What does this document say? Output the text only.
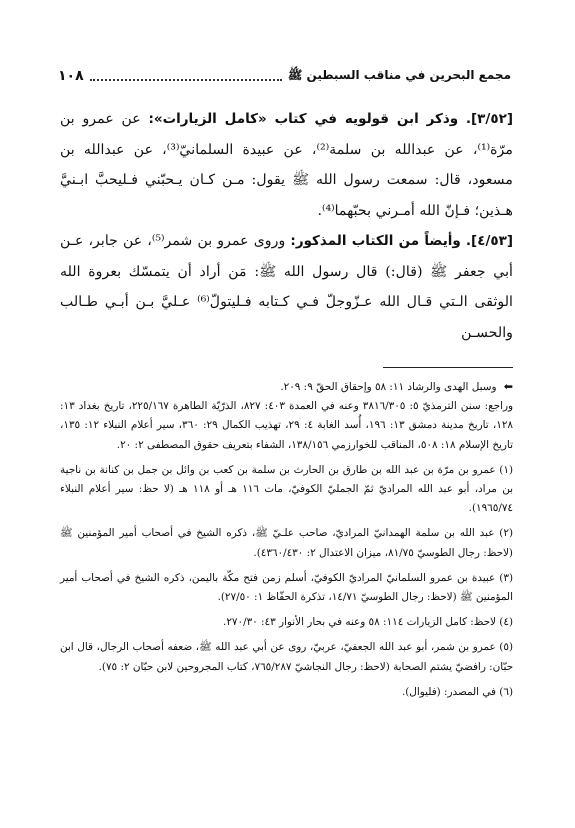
مجمع البحرين في مناقب السبطين ﷺ
١٠٨

[٣/٥٢]. وذكر ابن قولويه في كتاب «كامل الزيارات»: عن عمرو بن مرّة⁽¹⁾، عن عبدالله بن سلمة⁽²⁾، عن عبيدة السلمانيّ⁽³⁾، عن عبدالله بن مسعود، قال: سمعت رسول الله ﷺ يقول: مـن كـان يـحبّني فـليحبَّ ابـنيَّ هـذين؛ فـإنّ الله أمـرني بحبّهما⁽⁴⁾.

[٤/٥٣]. وأيضاً من الكتاب المذكور: وروى عمرو بن شمر⁽⁵⁾، عن جابر، عـن أبي جعفر ﷺ (قال:) قال رسول الله ﷺ: مَن أراد أن يتمسّك بعروة الله الوثقى الـتي قـال الله عـزّوجلّ فـي كـتابه فـليتولّ⁽⁶⁾ عـليَّ بـن أبـي طـالب والحسـن

⬅ وسبل الهدى والرشاد ١١: ٥٨ وإحقاق الحقّ ٩: ٢٠٩.
وراجع: سنن الترمذيّ ٥: ٣٨١٦/٣٠٥ وعنه في العمدة ٤٠٣: ٨٢٧، الذرّيّة الطاهرة ٢٢٥/١٦٧، تاريخ بغداد ١٣: ١٢٨، تاريخ مدينة دمشق ١٣: ١٩٦، أُسد الغابة ٤: ٢٩، تهذيب الكمال ٢٩: ٣٦٠، سير أعلام النبلاء ١٢: ١٣٥، تاريخ الإسلام ١٨: ٥٠٨، المناقب للخوارزمي ١٣٨/١٥٦، الشفاء بتعريف حقوق المصطفى ٢: ٢٠.
(١) عمرو بن مرّة بن عبد الله بن طارق بن الحارث بن سلمة بن كعب بن وائل بن جمل بن كنانة بن ناجية بن مراد، أبو عبد الله المراديّ ثمّ الجمليّ الكوفيّ، مات ١١٦ هـ أو ١١٨ هـ (لا حظ: سير أعلام النبلاء ١٩٦٥/٧٤).
(٢) عبد الله بن سلمة الهمدانيّ المراديّ، صاحب علـيّ ﷺ، ذكره الشيخ في أصحاب أمير المؤمنين ﷺ (لاحظ: رجال الطوسيّ ٨١/٧٥، ميزان الاعتدال ٢: ٤٣٦٠/٤٣٠).
(٣) عبيدة بن عمرو السلمانيّ المراديّ الكوفيّ، أسلم زمن فتح مكّة باليمن، ذكره الشيخ في أصحاب أمير المؤمنين ﷺ (لاحظ: رجال الطوسيّ ١٤/٧١، تذكرة الحفّاظ ١: ٢٧/٥٠).
(٤) لاحظ: كامل الزيارات ١١٤: ٥٨ وعنه في بحار الأنوار ٤٣: ٢٧٠/٣٠.
(٥) عمرو بن شمر، أبو عبد الله الجعفيّ، عربيّ، روى عن أبي عبد الله ﷺ، ضعفه أصحاب الرجال، قال ابن حبّان: رافضيّ يشتم الصحابة (لاحظ: رجال النجاشيّ ٧٦٥/٢٨٧، كتاب المجروحين لابن حبّان ٢: ٧٥).
(٦) في المصدر: (فليوال).
